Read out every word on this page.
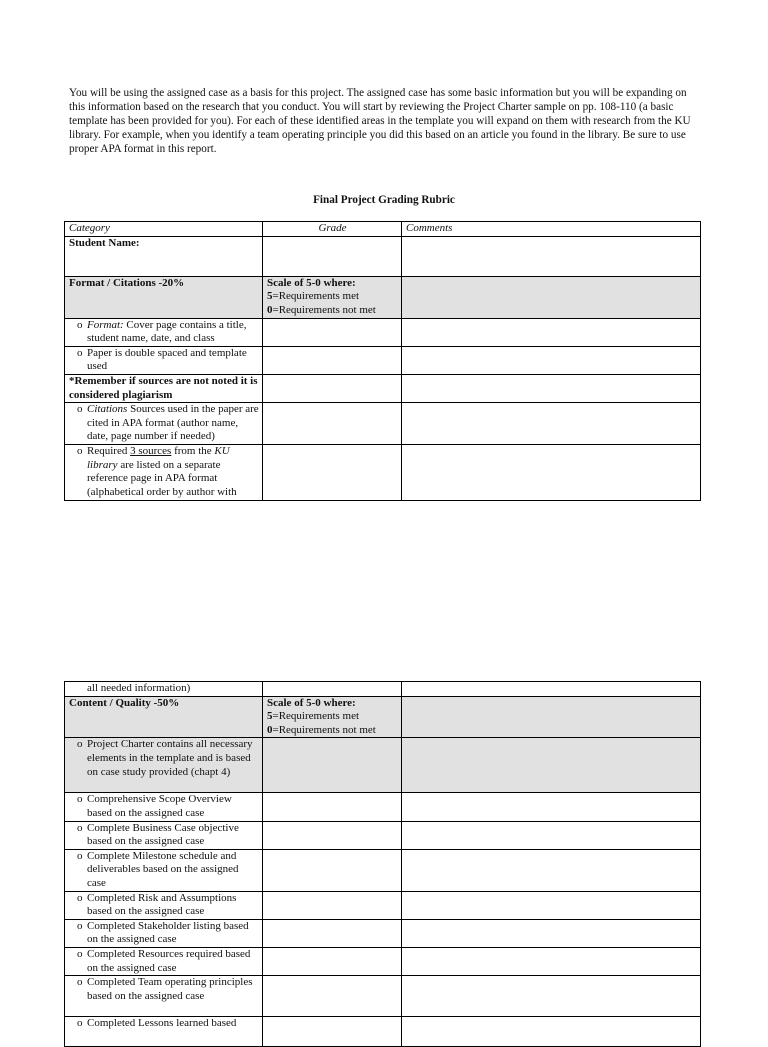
You will be using the assigned case as a basis for this project. The assigned case has some basic information but you will be expanding on this information based on the research that you conduct. You will start by reviewing the Project Charter sample on pp. 108-110 (a basic template has been provided for you). For each of these identified areas in the template you will expand on them with research from the KU library. For example, when you identify a team operating principle you did this based on an article you found in the library. Be sure to use proper APA format in this report.

Final Project Grading Rubric
Category	Grade	Comments
Student Name:		
Format / Citations -20%	Scale of 5-0 where:
5=Requirements met
0=Requirements not met	

o Format: Cover page contains a title, student name, date, and class		

o Paper is double spaced and template used		

*Remember if sources are not noted it is considered plagiarism		

o Citations Sources used in the paper are cited in APA format (author name, date, page number if needed)		

o Required 3 sources from the KU library are listed on a separate reference page in APA format (alphabetical order by author with		

all needed information)		

Content / Quality -50%	Scale of 5-0 where:
5=Requirements met
0=Requirements not met	

o Project Charter contains all necessary elements in the template and is based on case study provided (chapt 4)		

o Comprehensive Scope Overview based on the assigned case		

o Complete Business Case objective based on the assigned case		

o Complete Milestone schedule and deliverables based on the assigned case		

o Completed Risk and Assumptions based on the assigned case		

o Completed Stakeholder listing based on the assigned case		

o Completed Resources required based on the assigned case		

o Completed Team operating principles based on the assigned case		

o Completed Lessons learned based		
